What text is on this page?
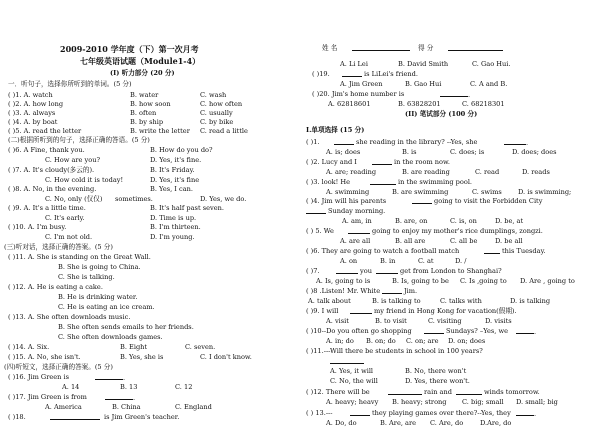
2009-2010 学年度（下）第一次月考
七年级英语试题（Module1-4）
(I) 听力部分 (20 分)
一．听句子，选择你所听到的单词。(5 分)
( )1. A. watch	B. water	C. wash
( )2. A. how long	B. how soon	C. how often
( )3. A. always	B. often	C. usually
( )4. A. by boat	B. by ship	C. by bike
( )5. A. read the letter	B. write the letter C. read a little
(二)根据所听到的句子，选择正确的答语。(5 分)
( )6. A Fine, thank you.	B. How do you do?
C. How are you?	D. Yes, it's fine.
( )7. A. It's cloudy(多云的).	B. It's Friday.
C. How cold it is today!	D. Yes, it's fine
( )8. A. No, in the evening.	B. Yes, I can.
C. No, only (仅仅) sometimes.	D. Yes, we do.
( )9. A. It's a little time.	B. It's half past seven.
C. It's early.	D. Time is up.
( )10. A. I'm busy.	B. I'm thirteen.
C. I'm not old.	D. I'm young.
(三)听对话，选择正确的答案。(5 分)
( )11. A. She is standing on the Great Wall.
B. She is going to China.
C. She is talking.
( )12. A. He is eating a cake.
B. He is drinking water.
C. He is eating an ice cream.
( )13. A. She often downloads music.
B. She often sends emails to her friends.
C. She often downloads games.
( )14. A. Six.	B. Eight	C. seven.
( )15. A. No, she isn't.	B. Yes, she is	C. I don't know.
(四)听短文，选择正确的答案。(5 分)
( )16. Jim Green is	.
A. 14	B. 13	C. 12
( )17. Jim Green is from	.
A. America	B. China	C. England
( )18.	is Jim Green's teacher.
姓 名	得 分
A. Li Lei	B. David Smith	C. Gao Hui.
( )19.	is LiLei's friend.
A. Jim Green	B. Gao Hui	C. A and B.
( )20. Jim's home number is	.
A. 62818601	B. 63828201	C. 68218301
(II) 笔试部分 (100 分)
I.单项选择 (15 分)
( )1.	she reading in the library? --Yes, she	.
A. is; does	B. is	C. does; is	D. does; does
( )2. Lucy and I	in the room now.
A. are; reading	B. are reading	C. read	D. reads
( )3. look! He	in the swimming pool.
A. swimming	B. are swimming	C. swims D. is swimming;
( )4. Jim will his parents	going to visit the Forbidden City
Sunday morning.
A. am, in	B. are, on	C. is, on	D. be, at
( ) 5. We	going to enjoy my mother's rice dumplings, zongzi.
A. are all	B. all are	C. all be	D. be all
( )6. They are going to watch a football match	this Tuesday.
A. on	B. in	C. at	D. /
( )7.	you	get from London to Shanghai?
A. Is, going to is	B. Is, going to be C. Is ,going to D. Are , going to
( )8 .Listen! Mr. White	Jim.
A. talk about	B. is talking to	C. talks with	D. is talking
( )9. I will	my friend in Hong Kong for vacation(假期).
A. visit	B. to visit	C. visiting	D. visits
( )10--Do you often go shopping	Sundays? –Yes, we	.
A. in; do B. on; do C. on; are D. on; does
( )11.---Will there be students in school in 100 years?
A. Yes, it will	B. No, there won't
C. No, the will	D. Yes, there won't.
( )12. There will be	rain and	winds tomorrow.
A. heavy; heavy B. heavy; strong C. big; small D. small; big
( ) 13.---	they playing games over there?--Yes, they	.
A. Do, do	B. Are, are C. Are, do	D.Are, do
